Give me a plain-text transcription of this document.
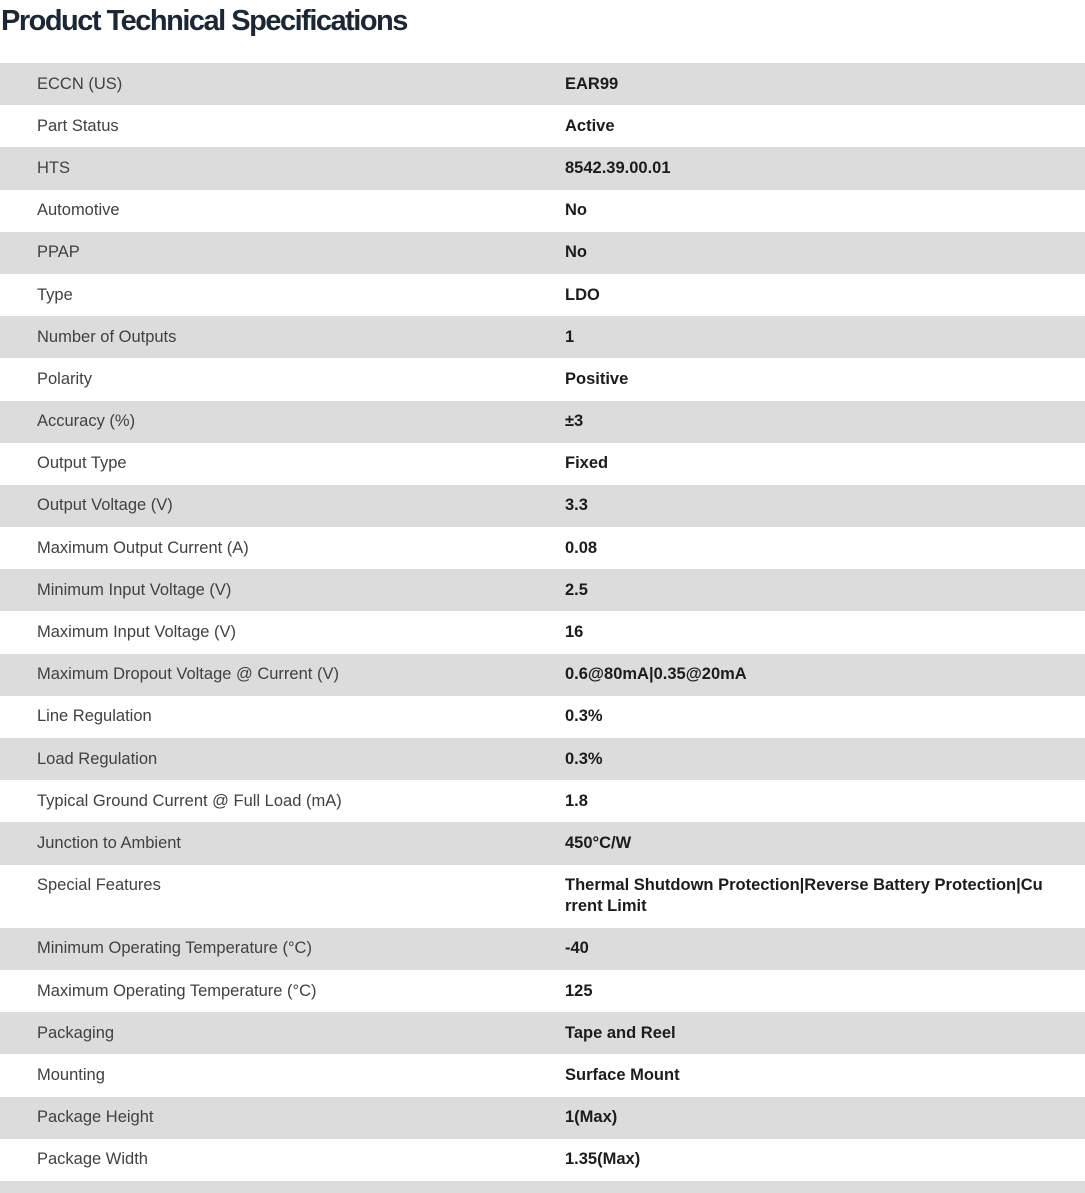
Product Technical Specifications
ECCN (US)	EAR99
Part Status	Active
HTS	8542.39.00.01
Automotive	No
PPAP	No
Type	LDO
Number of Outputs	1
Polarity	Positive
Accuracy (%)	±3
Output Type	Fixed
Output Voltage (V)	3.3
Maximum Output Current (A)	0.08
Minimum Input Voltage (V)	2.5
Maximum Input Voltage (V)	16
Maximum Dropout Voltage @ Current (V)	0.6@80mA|0.35@20mA
Line Regulation	0.3%
Load Regulation	0.3%
Typical Ground Current @ Full Load (mA)	1.8
Junction to Ambient	450°C/W
Special Features	Thermal Shutdown Protection|Reverse Battery Protection|Current Limit
Minimum Operating Temperature (°C)	-40
Maximum Operating Temperature (°C)	125
Packaging	Tape and Reel
Mounting	Surface Mount
Package Height	1(Max)
Package Width	1.35(Max)
